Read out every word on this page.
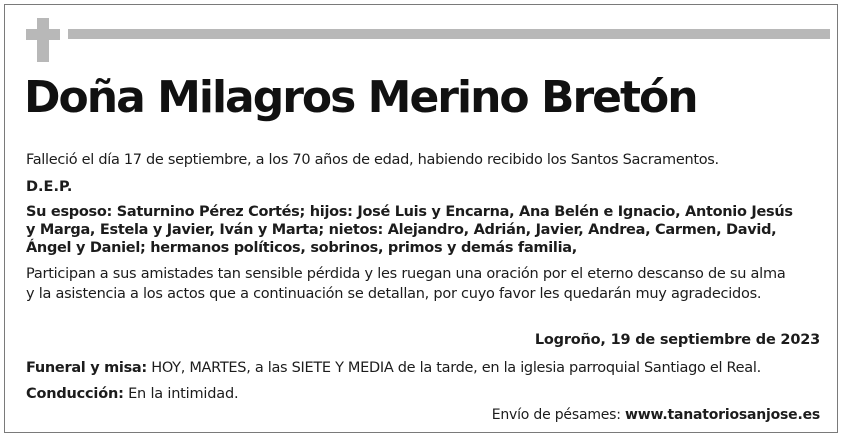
Doña Milagros Merino Bretón
Falleció el día 17 de septiembre, a los 70 años de edad, habiendo recibido los Santos Sacramentos.
D.E.P.
Su esposo: Saturnino Pérez Cortés; hijos: José Luis y Encarna, Ana Belén e Ignacio, Antonio Jesús
y Marga, Estela y Javier, Iván y Marta; nietos: Alejandro, Adrián, Javier, Andrea, Carmen, David,
Ángel y Daniel; hermanos políticos, sobrinos, primos y demás familia,
Participan a sus amistades tan sensible pérdida y les ruegan una oración por el eterno descanso de su alma
y la asistencia a los actos que a continuación se detallan, por cuyo favor les quedarán muy agradecidos.
Logroño, 19 de septiembre de 2023
Funeral y misa: HOY, MARTES, a las SIETE Y MEDIA de la tarde, en la iglesia parroquial Santiago el Real.
Conducción: En la intimidad.
Envío de pésames: www.tanatoriosanjose.es
